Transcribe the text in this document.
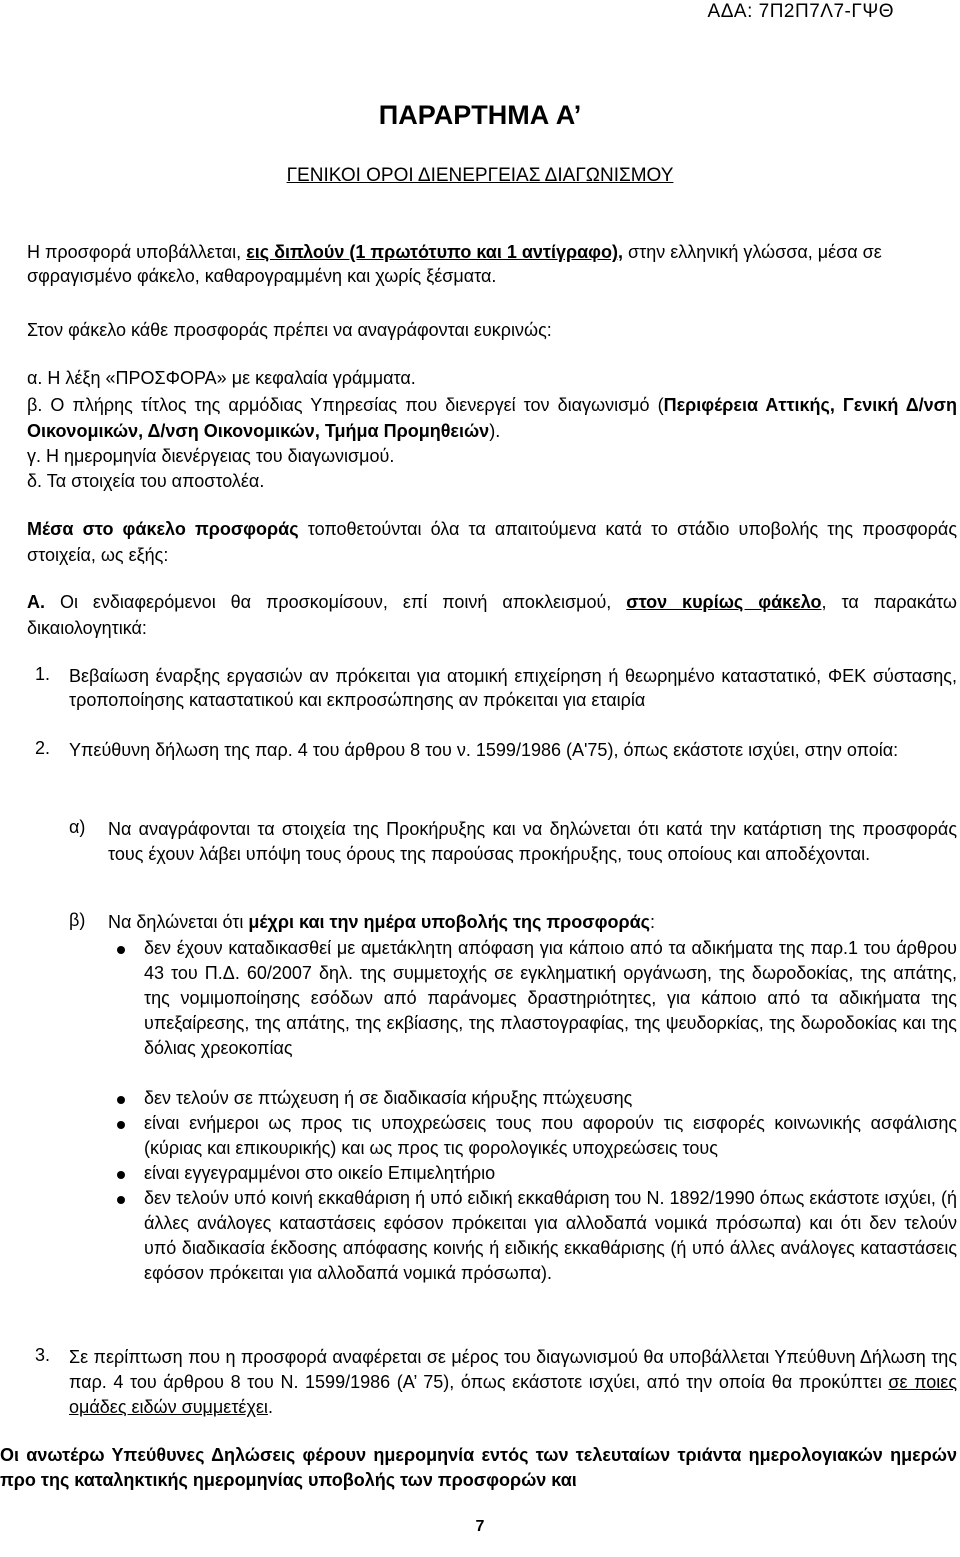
ΑΔΑ: 7Π2Π7Λ7-ΓΨΘ
ΠΑΡΑΡΤΗΜΑ Α’
ΓΕΝΙΚΟΙ ΟΡΟΙ ΔΙΕΝΕΡΓΕΙΑΣ ΔΙΑΓΩΝΙΣΜΟΥ
Η προσφορά υποβάλλεται, εις διπλούν (1 πρωτότυπο και 1 αντίγραφο), στην ελληνική γλώσσα, μέσα σε σφραγισμένο φάκελο, καθαρογραμμένη και χωρίς ξέσματα.
Στον φάκελο κάθε προσφοράς πρέπει να αναγράφονται ευκρινώς:
α. Η λέξη «ΠΡΟΣΦΟΡΑ» με κεφαλαία γράμματα.
β. Ο πλήρης τίτλος της αρμόδιας Υπηρεσίας που διενεργεί τον διαγωνισμό (Περιφέρεια Αττικής, Γενική Δ/νση Οικονομικών, Δ/νση Οικονομικών, Τμήμα Προμηθειών).
γ. Η ημερομηνία διενέργειας του διαγωνισμού.
δ. Τα στοιχεία του αποστολέα.
Μέσα στο φάκελο προσφοράς τοποθετούνται όλα τα απαιτούμενα κατά το στάδιο υποβολής της προσφοράς στοιχεία, ως εξής:
Α. Οι ενδιαφερόμενοι θα προσκομίσουν, επί ποινή αποκλεισμού, στον κυρίως φάκελο, τα παρακάτω δικαιολογητικά:
1. Βεβαίωση έναρξης εργασιών αν πρόκειται για ατομική επιχείρηση ή θεωρημένο καταστατικό, ΦΕΚ σύστασης, τροποποίησης καταστατικού και εκπροσώπησης αν πρόκειται για εταιρία
2. Υπεύθυνη δήλωση της παρ. 4 του άρθρου 8 του ν. 1599/1986 (Α'75), όπως εκάστοτε ισχύει, στην οποία:
α) Να αναγράφονται τα στοιχεία της Προκήρυξης και να δηλώνεται ότι κατά την κατάρτιση της προσφοράς τους έχουν λάβει υπόψη τους όρους της παρούσας προκήρυξης, τους οποίους και αποδέχονται.
β) Να δηλώνεται ότι μέχρι και την ημέρα υποβολής της προσφοράς:
δεν έχουν καταδικασθεί με αμετάκλητη απόφαση για κάποιο από τα αδικήματα της παρ.1 του άρθρου 43 του Π.Δ. 60/2007 δηλ. της συμμετοχής σε εγκληματική οργάνωση, της δωροδοκίας, της απάτης, της νομιμοποίησης εσόδων από παράνομες δραστηριότητες, για κάποιο από τα αδικήματα της υπεξαίρεσης, της απάτης, της εκβίασης, της πλαστογραφίας, της ψευδορκίας, της δωροδοκίας και της δόλιας χρεοκοπίας
δεν τελούν σε πτώχευση ή σε διαδικασία κήρυξης πτώχευσης
είναι ενήμεροι ως προς τις υποχρεώσεις τους που αφορούν τις εισφορές κοινωνικής ασφάλισης (κύριας και επικουρικής) και ως προς τις φορολογικές υποχρεώσεις τους
είναι εγγεγραμμένοι στο οικείο Επιμελητήριο
δεν τελούν υπό κοινή εκκαθάριση ή υπό ειδική εκκαθάριση του Ν. 1892/1990 όπως εκάστοτε ισχύει, (ή άλλες ανάλογες καταστάσεις εφόσον πρόκειται για αλλοδαπά νομικά πρόσωπα) και ότι δεν τελούν υπό διαδικασία έκδοσης απόφασης κοινής ή ειδικής εκκαθάρισης (ή υπό άλλες ανάλογες καταστάσεις εφόσον πρόκειται για αλλοδαπά νομικά πρόσωπα).
3. Σε περίπτωση που η προσφορά αναφέρεται σε μέρος του διαγωνισμού θα υποβάλλεται Υπεύθυνη Δήλωση της παρ. 4 του άρθρου 8 του Ν. 1599/1986 (Α’ 75), όπως εκάστοτε ισχύει, από την οποία θα προκύπτει σε ποιες ομάδες ειδών συμμετέχει.
Οι ανωτέρω Υπεύθυνες Δηλώσεις φέρουν ημερομηνία εντός των τελευταίων τριάντα ημερολογιακών ημερών προ της καταληκτικής ημερομηνίας υποβολής των προσφορών και
7
